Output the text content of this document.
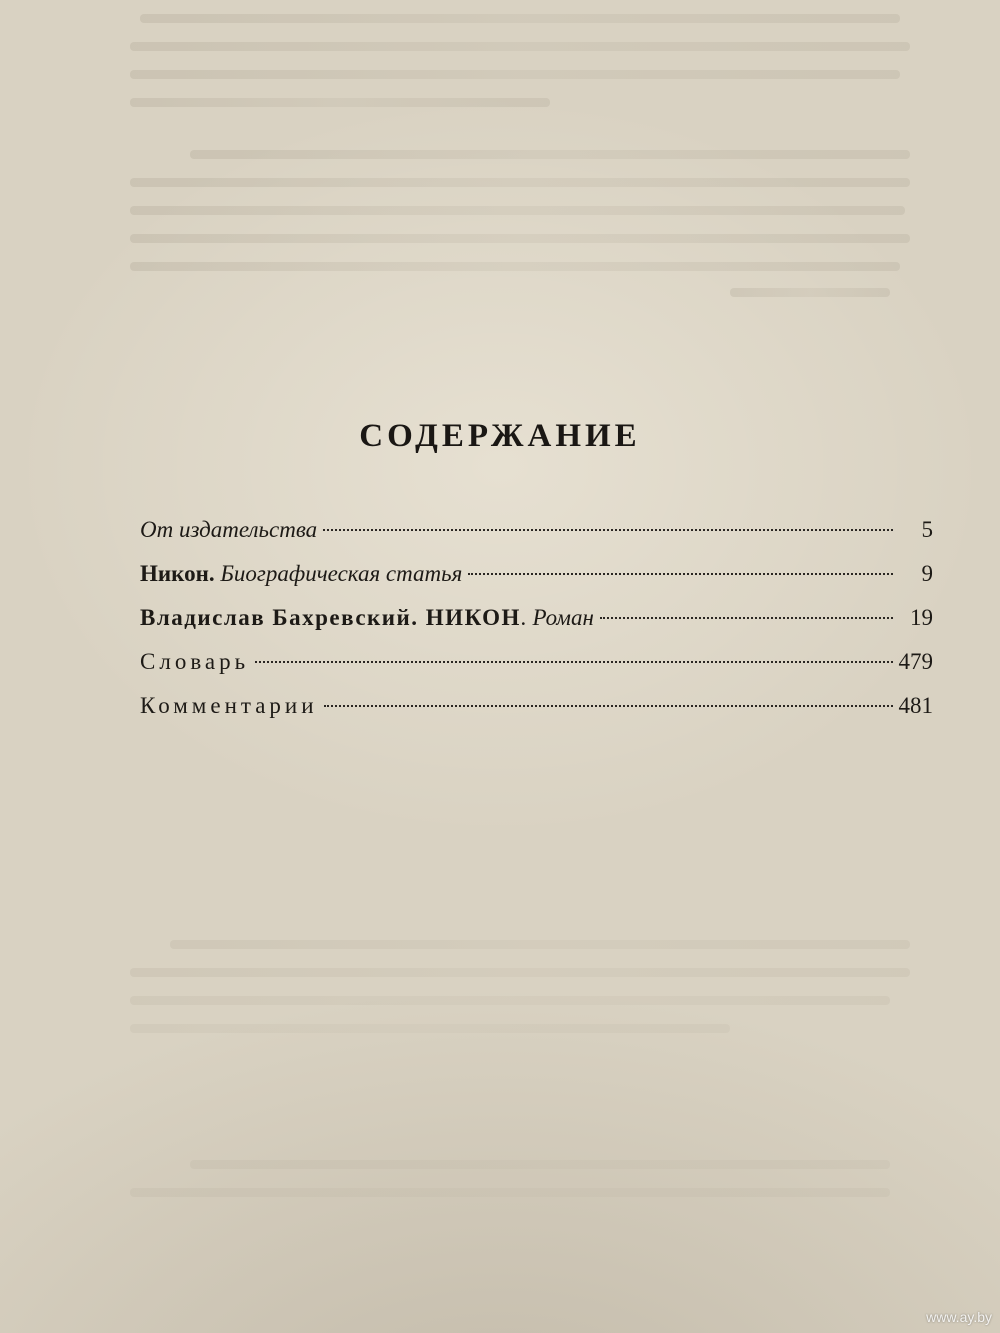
СОДЕРЖАНИЕ
От издательства	5
Никон. Биографическая статья	9
Владислав Бахревский. НИКОН. Роман	19
Словарь	479
Комментарии	481
www.ay.by
